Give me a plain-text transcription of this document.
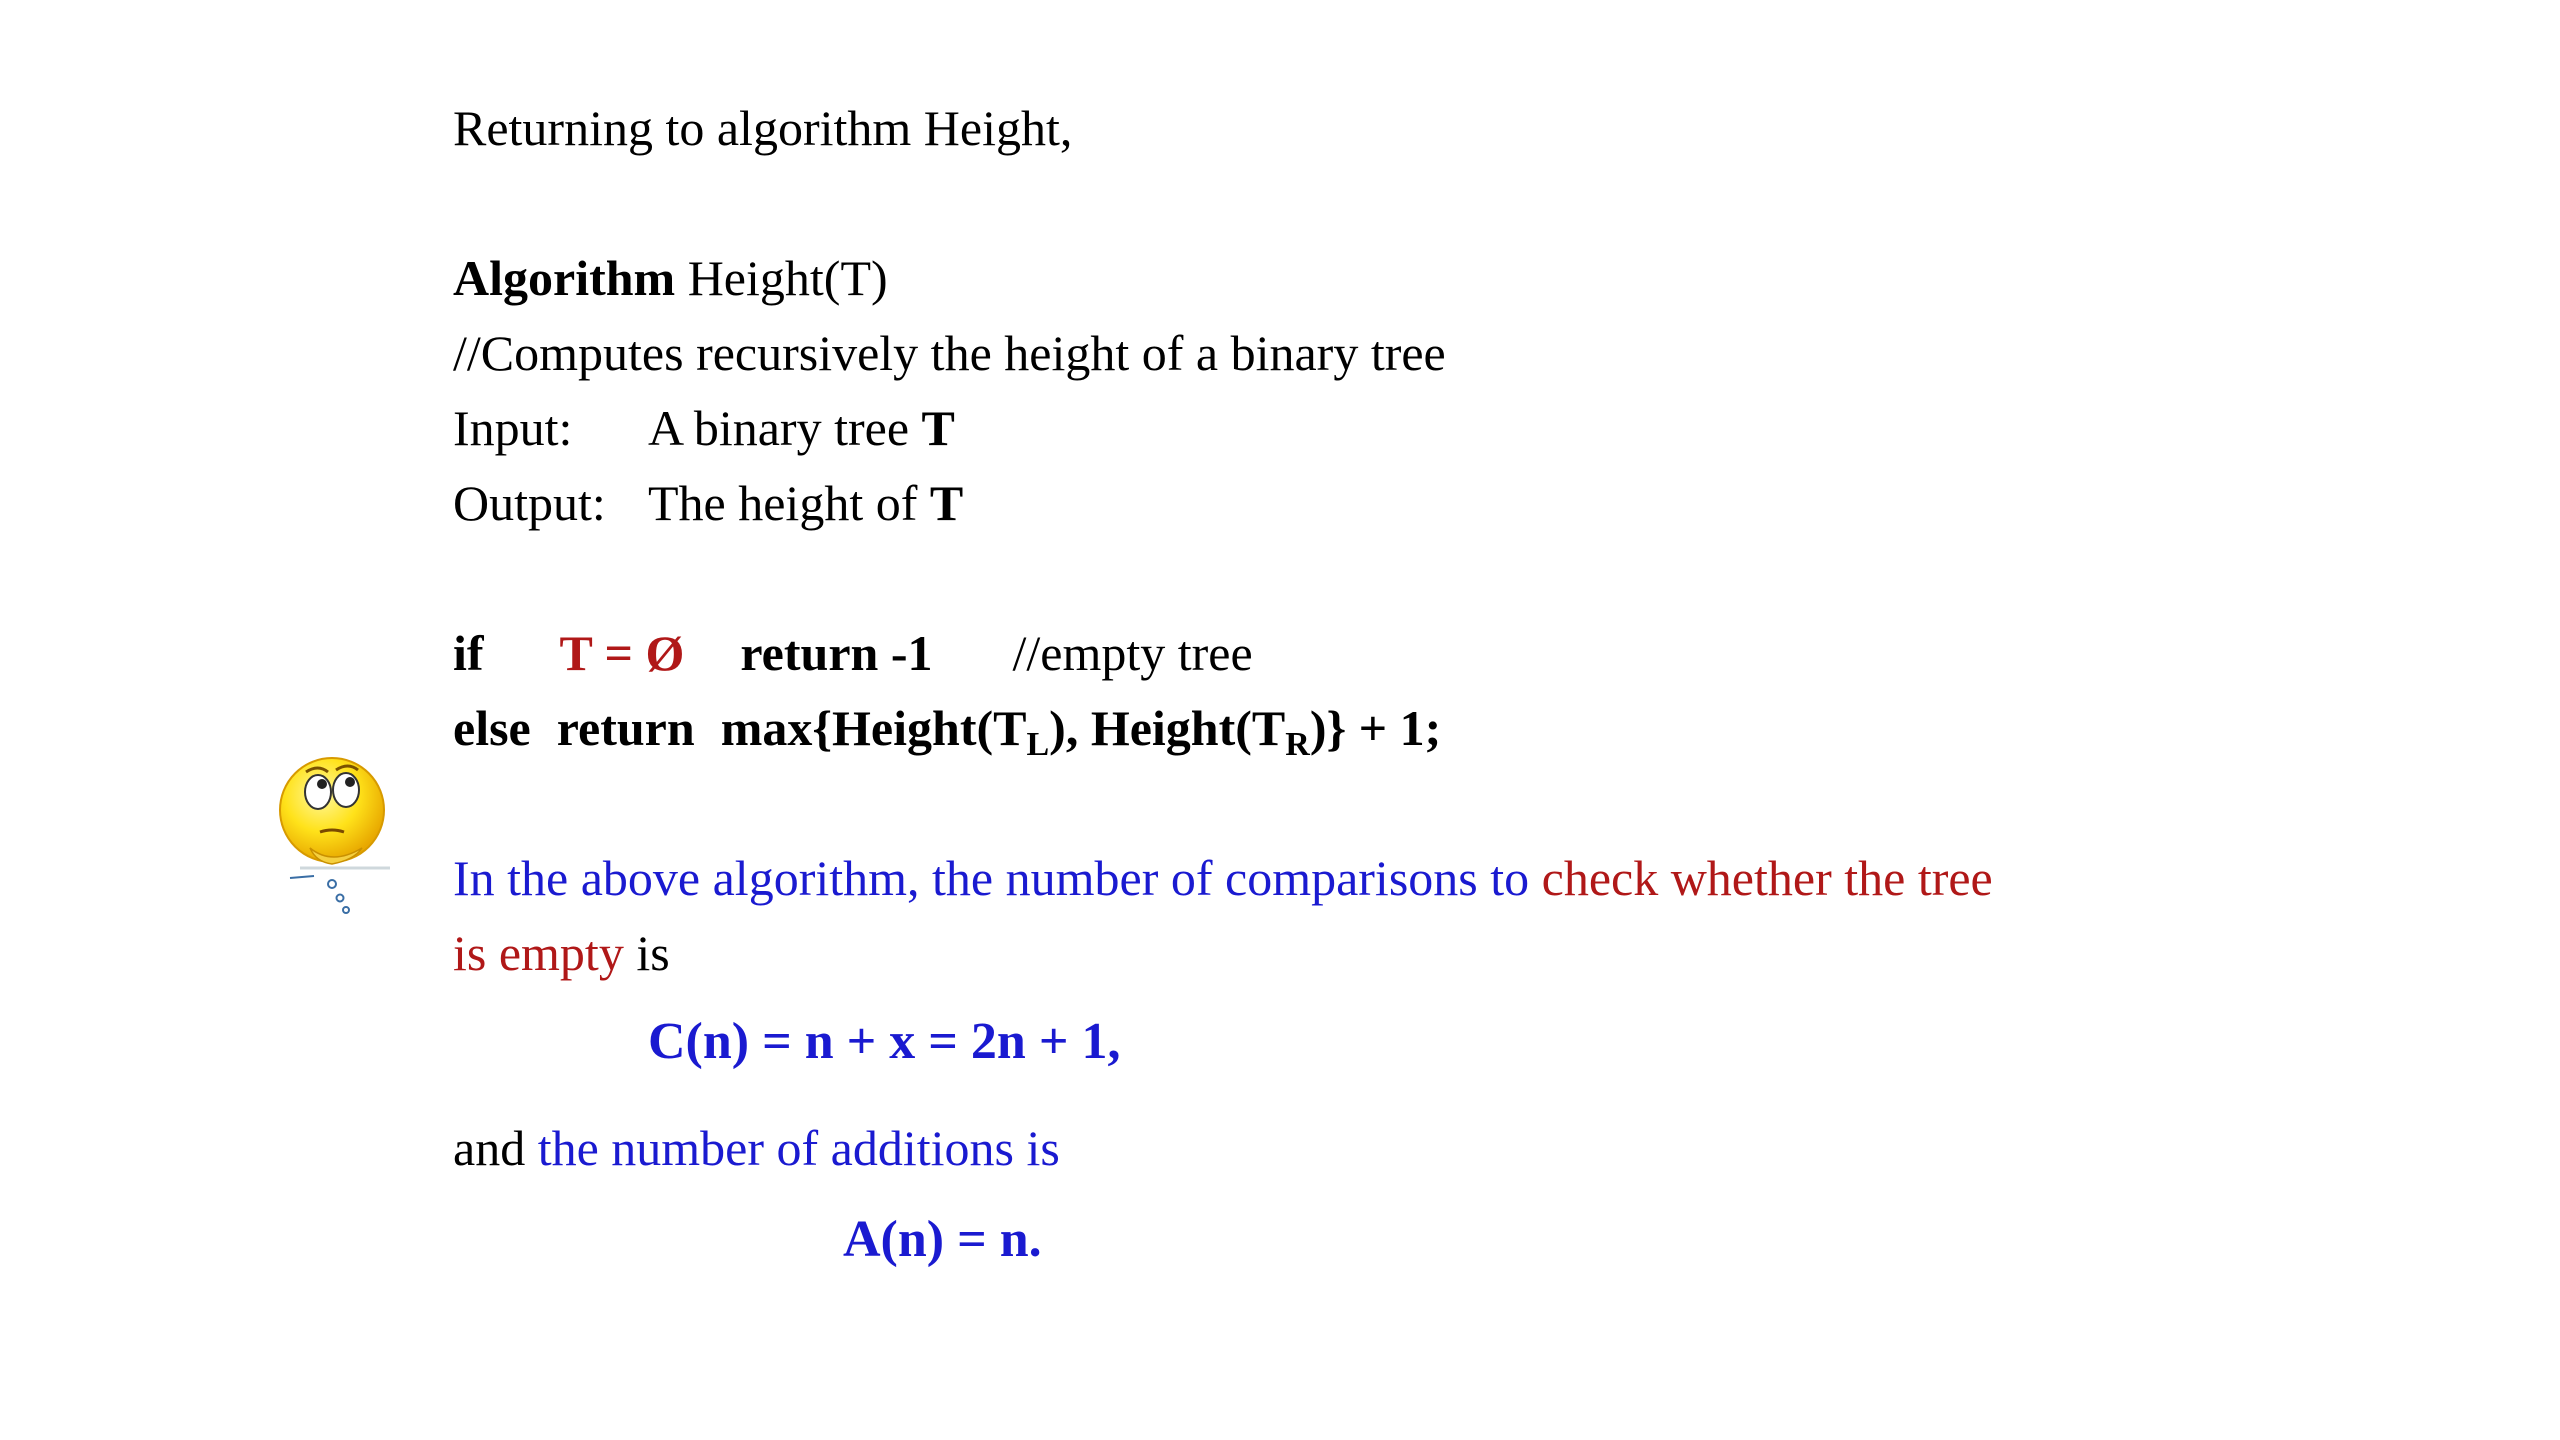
Returning to algorithm Height,
Algorithm Height(T)
//Computes recursively the height of a binary tree
Input: A binary tree T
Output: The height of T
if T = Ø return -1 //empty tree
else return $\max\{Height(T_L)$, $Height(T_R)\} + 1$;
In the above algorithm, the number of comparisons to check whether the tree
is empty is
C(n) = n + x = 2n + 1,
and the number of additions is
A(n) = n.
